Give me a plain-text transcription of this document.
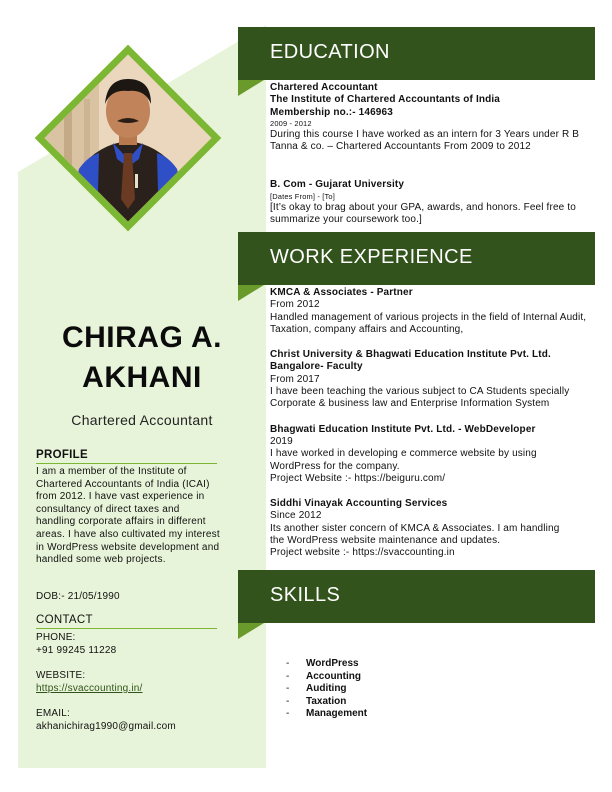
CHIRAG A.
AKHANI
Chartered Accountant
PROFILE
I am a member of the Institute of Chartered Accountants of India (ICAI) from 2012. I have vast experience in consultancy of direct taxes and handling corporate affairs in different areas. I have also cultivated my interest in WordPress website development and handled some web projects.
DOB:- 21/05/1990
CONTACT
PHONE:
+91 99245 11228
WEBSITE:
https://svaccounting.in/
EMAIL:
akhanichirag1990@gmail.com
EDUCATION
Chartered Accountant
The Institute of Chartered Accountants of India
Membership no.:- 146963
2009 - 2012
During this course I have worked as an intern for 3 Years under R B Tanna & co. – Chartered Accountants From 2009 to 2012
B. Com - Gujarat University
[Dates From] - [To]
[It’s okay to brag about your GPA, awards, and honors. Feel free to summarize your coursework too.]
WORK EXPERIENCE
KMCA & Associates - Partner
From 2012
Handled management of various projects in the field of Internal Audit, Taxation, company affairs and Accounting,
Christ University & Bhagwati Education Institute Pvt. Ltd. Bangalore- Faculty
From 2017
I have been teaching the various subject to CA Students specially Corporate & business law and Enterprise Information System
Bhagwati Education Institute Pvt. Ltd. - WebDeveloper
2019
I have worked in developing e commerce website by using WordPress for the company.
Project Website :- https://beiguru.com/
Siddhi Vinayak Accounting Services
Since 2012
Its another sister concern of KMCA & Associates. I am handling the WordPress website maintenance and updates.
Project website :- https://svaccounting.in
SKILLS
-	WordPress
-	Accounting
-	Auditing
-	Taxation
-	Management
